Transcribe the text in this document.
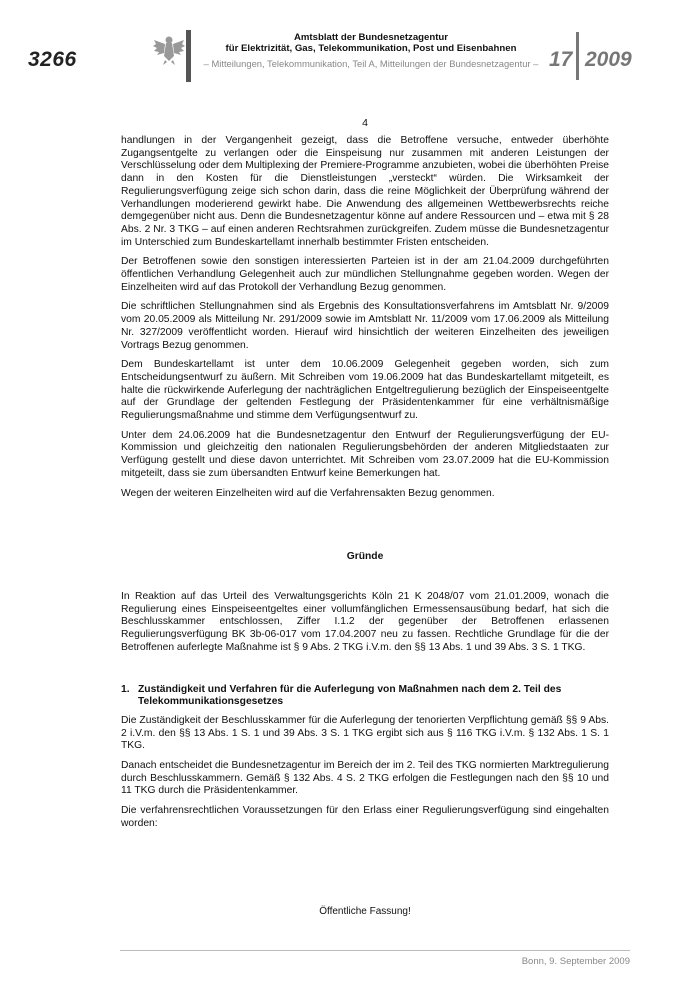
3266
Amtsblatt der Bundesnetzagentur
für Elektrizität, Gas, Telekommunikation, Post und Eisenbahnen
– Mitteilungen, Telekommunikation, Teil A, Mitteilungen der Bundesnetzagentur – 17 2009
4

handlungen in der Vergangenheit gezeigt, dass die Betroffene versuche, entweder überhöhte Zugangsentgelte zu verlangen oder die Einspeisung nur zusammen mit anderen Leistungen der Verschlüsselung oder dem Multiplexing der Premiere-Programme anzubieten, wobei die überhöhten Preise dann in den Kosten für die Dienstleistungen „versteckt“ würden. Die Wirksamkeit der Regulierungsverfügung zeige sich schon darin, dass die reine Möglichkeit der Überprüfung während der Verhandlungen moderierend gewirkt habe. Die Anwendung des allgemeinen Wettbewerbsrechts reiche demgegenüber nicht aus. Denn die Bundesnetzagentur könne auf andere Ressourcen und – etwa mit § 28 Abs. 2 Nr. 3 TKG – auf einen anderen Rechtsrahmen zurückgreifen. Zudem müsse die Bundesnetzagentur im Unterschied zum Bundeskartellamt innerhalb bestimmter Fristen entscheiden.

Der Betroffenen sowie den sonstigen interessierten Parteien ist in der am 21.04.2009 durchgeführten öffentlichen Verhandlung Gelegenheit auch zur mündlichen Stellungnahme gegeben worden. Wegen der Einzelheiten wird auf das Protokoll der Verhandlung Bezug genommen.

Die schriftlichen Stellungnahmen sind als Ergebnis des Konsultationsverfahrens im Amtsblatt Nr. 9/2009 vom 20.05.2009 als Mitteilung Nr. 291/2009 sowie im Amtsblatt Nr. 11/2009 vom 17.06.2009 als Mitteilung Nr. 327/2009 veröffentlicht worden. Hierauf wird hinsichtlich der weiteren Einzelheiten des jeweiligen Vortrags Bezug genommen.

Dem Bundeskartellamt ist unter dem 10.06.2009 Gelegenheit gegeben worden, sich zum Entscheidungsentwurf zu äußern. Mit Schreiben vom 19.06.2009 hat das Bundeskartellamt mitgeteilt, es halte die rückwirkende Auferlegung der nachträglichen Entgeltregulierung bezüglich der Einspeiseentgelte auf der Grundlage der geltenden Festlegung der Präsidentenkammer für eine verhältnismäßige Regulierungsmaßnahme und stimme dem Verfügungsentwurf zu.

Unter dem 24.06.2009 hat die Bundesnetzagentur den Entwurf der Regulierungsverfügung der EU-Kommission und gleichzeitig den nationalen Regulierungsbehörden der anderen Mitgliedstaaten zur Verfügung gestellt und diese davon unterrichtet. Mit Schreiben vom 23.07.2009 hat die EU-Kommission mitgeteilt, dass sie zum übersandten Entwurf keine Bemerkungen hat.

Wegen der weiteren Einzelheiten wird auf die Verfahrensakten Bezug genommen.

Gründe

In Reaktion auf das Urteil des Verwaltungsgerichts Köln 21 K 2048/07 vom 21.01.2009, wonach die Regulierung eines Einspeiseentgeltes einer vollumfänglichen Ermessensausübung bedarf, hat sich die Beschlusskammer entschlossen, Ziffer I.1.2 der gegenüber der Betroffenen erlassenen Regulierungsverfügung BK 3b-06-017 vom 17.04.2007 neu zu fassen. Rechtliche Grundlage für die der Betroffenen auferlegte Maßnahme ist § 9 Abs. 2 TKG i.V.m. den §§ 13 Abs. 1 und 39 Abs. 3 S. 1 TKG.

1. Zuständigkeit und Verfahren für die Auferlegung von Maßnahmen nach dem 2. Teil des Telekommunikationsgesetzes

Die Zuständigkeit der Beschlusskammer für die Auferlegung der tenorierten Verpflichtung gemäß §§ 9 Abs. 2 i.V.m. den §§ 13 Abs. 1 S. 1 und 39 Abs. 3 S. 1 TKG ergibt sich aus § 116 TKG i.V.m. § 132 Abs. 1 S. 1 TKG.

Danach entscheidet die Bundesnetzagentur im Bereich der im 2. Teil des TKG normierten Marktregulierung durch Beschlusskammern. Gemäß § 132 Abs. 4 S. 2 TKG erfolgen die Festlegungen nach den §§ 10 und 11 TKG durch die Präsidentenkammer.

Die verfahrensrechtlichen Voraussetzungen für den Erlass einer Regulierungsverfügung sind eingehalten worden:

Öffentliche Fassung!
Bonn, 9. September 2009
